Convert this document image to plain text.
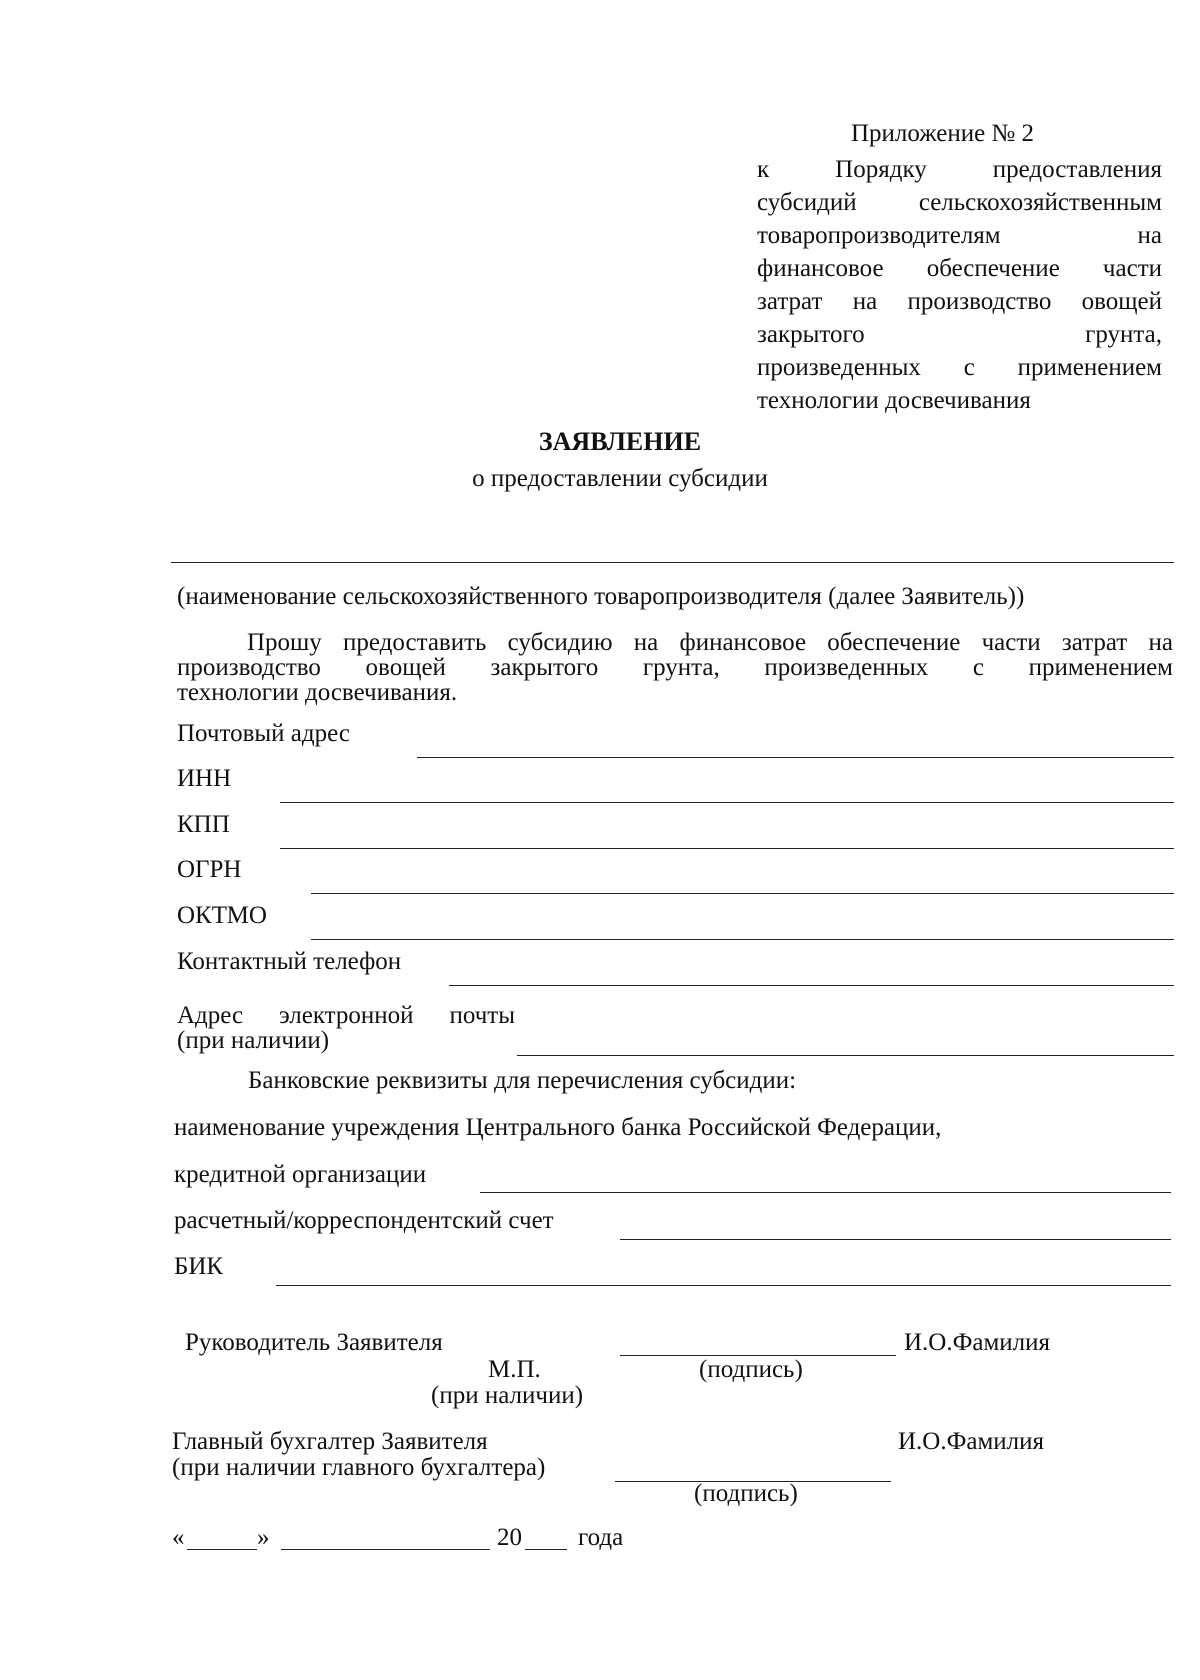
Приложение № 2
к Порядку предоставления
субсидий сельскохозяйственным
товаропроизводителям на
финансовое обеспечение части
затрат на производство овощей
закрытого грунта,
произведенных с применением
технологии досвечивания
ЗАЯВЛЕНИЕ
о предоставлении субсидии
(наименование сельскохозяйственного товаропроизводителя (далее Заявитель))
Прошу предоставить субсидию на финансовое обеспечение части затрат на
производство овощей закрытого грунта, произведенных с применением
технологии досвечивания.
Почтовый адрес
ИНН
КПП
ОГРН
ОКТМО
Контактный телефон
Адрес электронной почты
(при наличии)
Банковские реквизиты для перечисления субсидии:
наименование учреждения Центрального банка Российской Федерации,
кредитной организации
расчетный/корреспондентский счет
БИК
Руководитель Заявителя	И.О.Фамилия
М.П.	(подпись)
(при наличии)
Главный бухгалтер Заявителя	И.О.Фамилия
(при наличии главного бухгалтера)
(подпись)
«	»	20 года
